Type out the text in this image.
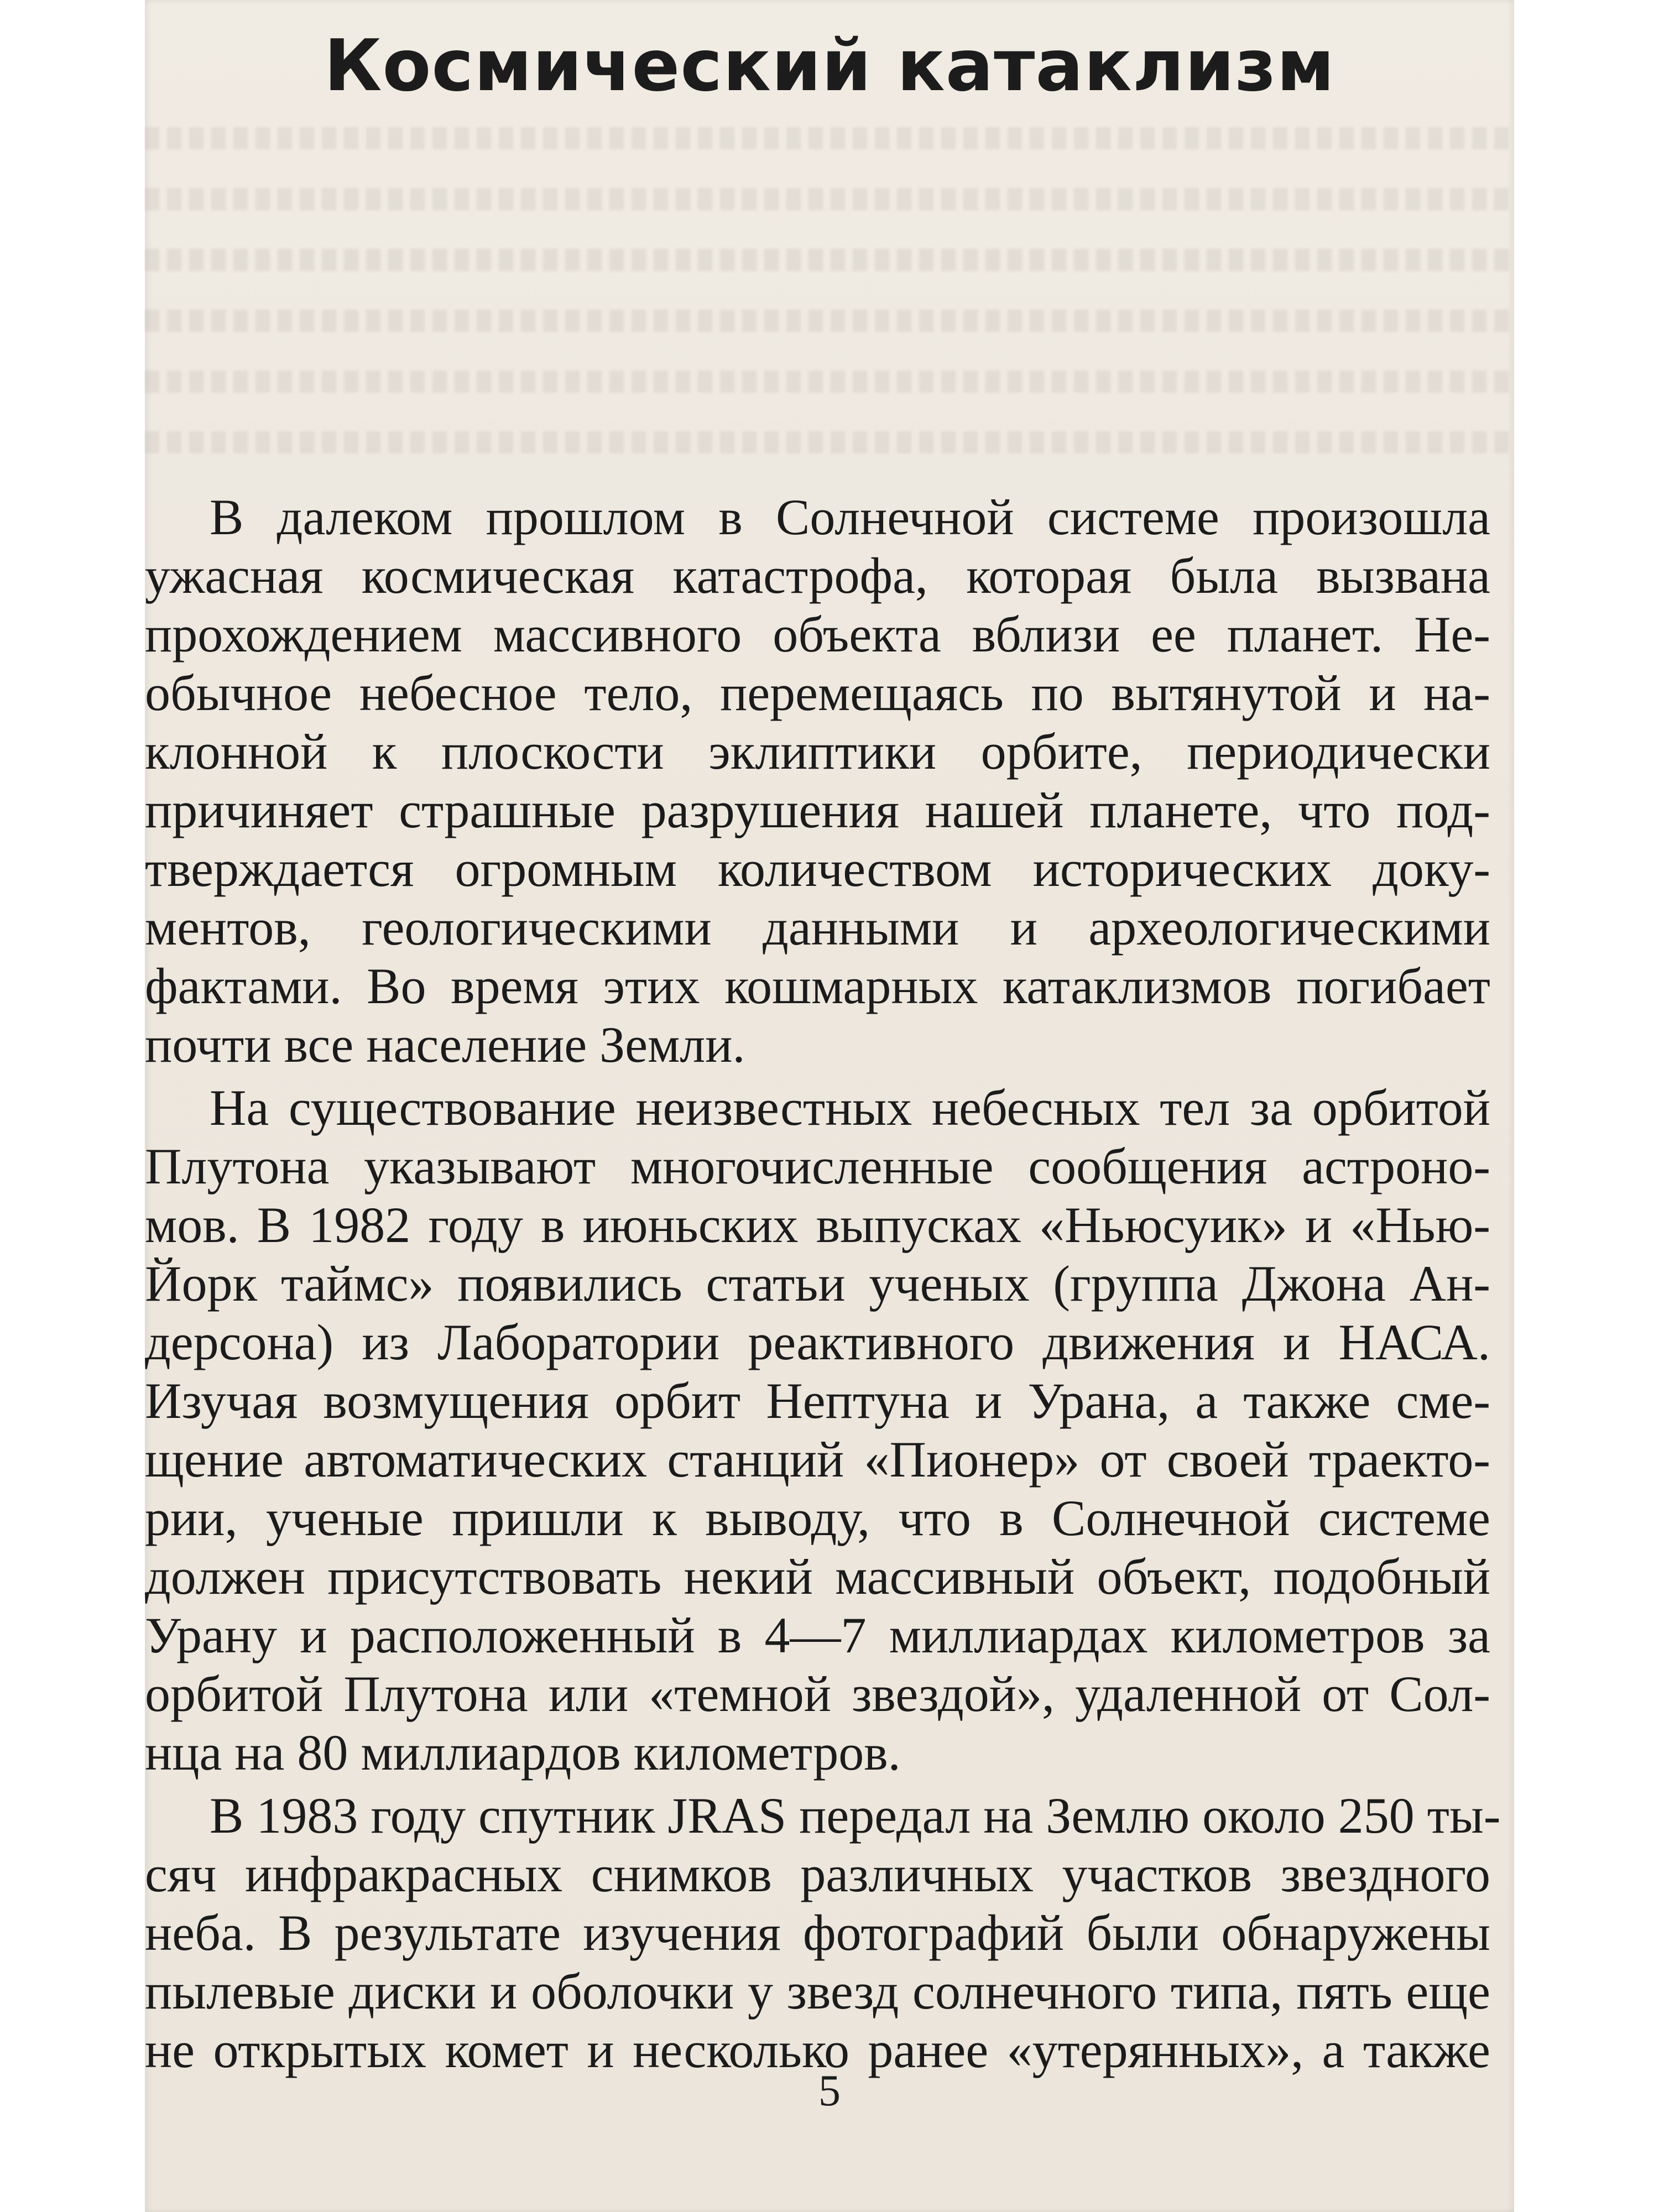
Космический катаклизм
В далеком прошлом в Солнечной системе произошла
ужасная космическая катастрофа, которая была вызвана
прохождением массивного объекта вблизи ее планет. Не-
обычное небесное тело, перемещаясь по вытянутой и на-
клонной к плоскости эклиптики орбите, периодически
причиняет страшные разрушения нашей планете, что под-
тверждается огромным количеством исторических доку-
ментов, геологическими данными и археологическими
фактами. Во время этих кошмарных катаклизмов погибает
почти все население Земли.
На существование неизвестных небесных тел за орбитой
Плутона указывают многочисленные сообщения астроно-
мов. В 1982 году в июньских выпусках «Ньюсуик» и «Нью-
Йорк таймс» появились статьи ученых (группа Джона Ан-
дерсона) из Лаборатории реактивного движения и НАСА.
Изучая возмущения орбит Нептуна и Урана, а также сме-
щение автоматических станций «Пионер» от своей траекто-
рии, ученые пришли к выводу, что в Солнечной системе
должен присутствовать некий массивный объект, подобный
Урану и расположенный в 4—7 миллиардах километров за
орбитой Плутона или «темной звездой», удаленной от Сол-
нца на 80 миллиардов километров.
В 1983 году спутник JRAS передал на Землю около 250 ты-
сяч инфракрасных снимков различных участков звездного
неба. В результате изучения фотографий были обнаружены
пылевые диски и оболочки у звезд солнечного типа, пять еще
не открытых комет и несколько ранее «утерянных», а также
5
